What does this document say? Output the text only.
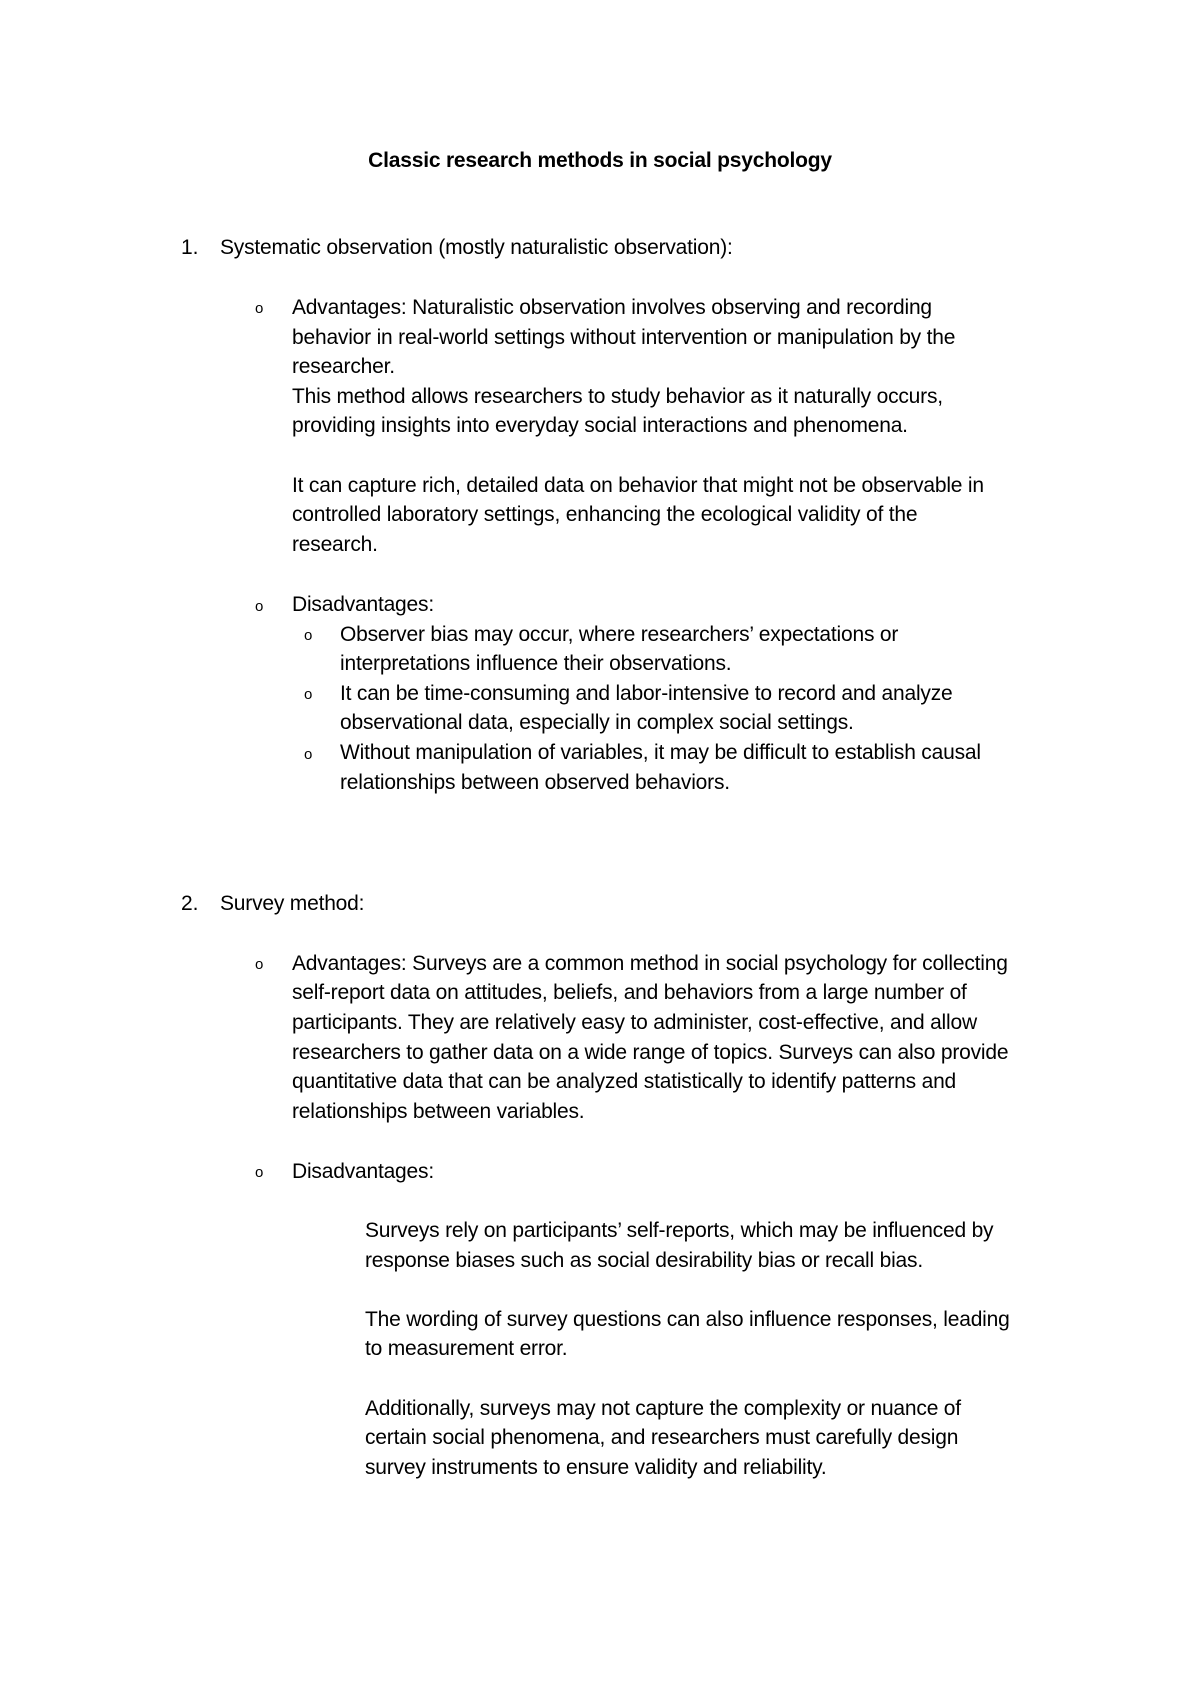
Classic research methods in social psychology
1. Systematic observation (mostly naturalistic observation):
o Advantages: Naturalistic observation involves observing and recording
behavior in real-world settings without intervention or manipulation by the
researcher.
This method allows researchers to study behavior as it naturally occurs,
providing insights into everyday social interactions and phenomena.
It can capture rich, detailed data on behavior that might not be observable in
controlled laboratory settings, enhancing the ecological validity of the
research.
o Disadvantages:
o Observer bias may occur, where researchers’ expectations or
interpretations influence their observations.
o It can be time-consuming and labor-intensive to record and analyze
observational data, especially in complex social settings.
o Without manipulation of variables, it may be difficult to establish causal
relationships between observed behaviors.
2. Survey method:
o Advantages: Surveys are a common method in social psychology for collecting
self-report data on attitudes, beliefs, and behaviors from a large number of
participants. They are relatively easy to administer, cost-effective, and allow
researchers to gather data on a wide range of topics. Surveys can also provide
quantitative data that can be analyzed statistically to identify patterns and
relationships between variables.
o Disadvantages:
Surveys rely on participants’ self-reports, which may be influenced by
response biases such as social desirability bias or recall bias.
The wording of survey questions can also influence responses, leading
to measurement error.
Additionally, surveys may not capture the complexity or nuance of
certain social phenomena, and researchers must carefully design
survey instruments to ensure validity and reliability.
